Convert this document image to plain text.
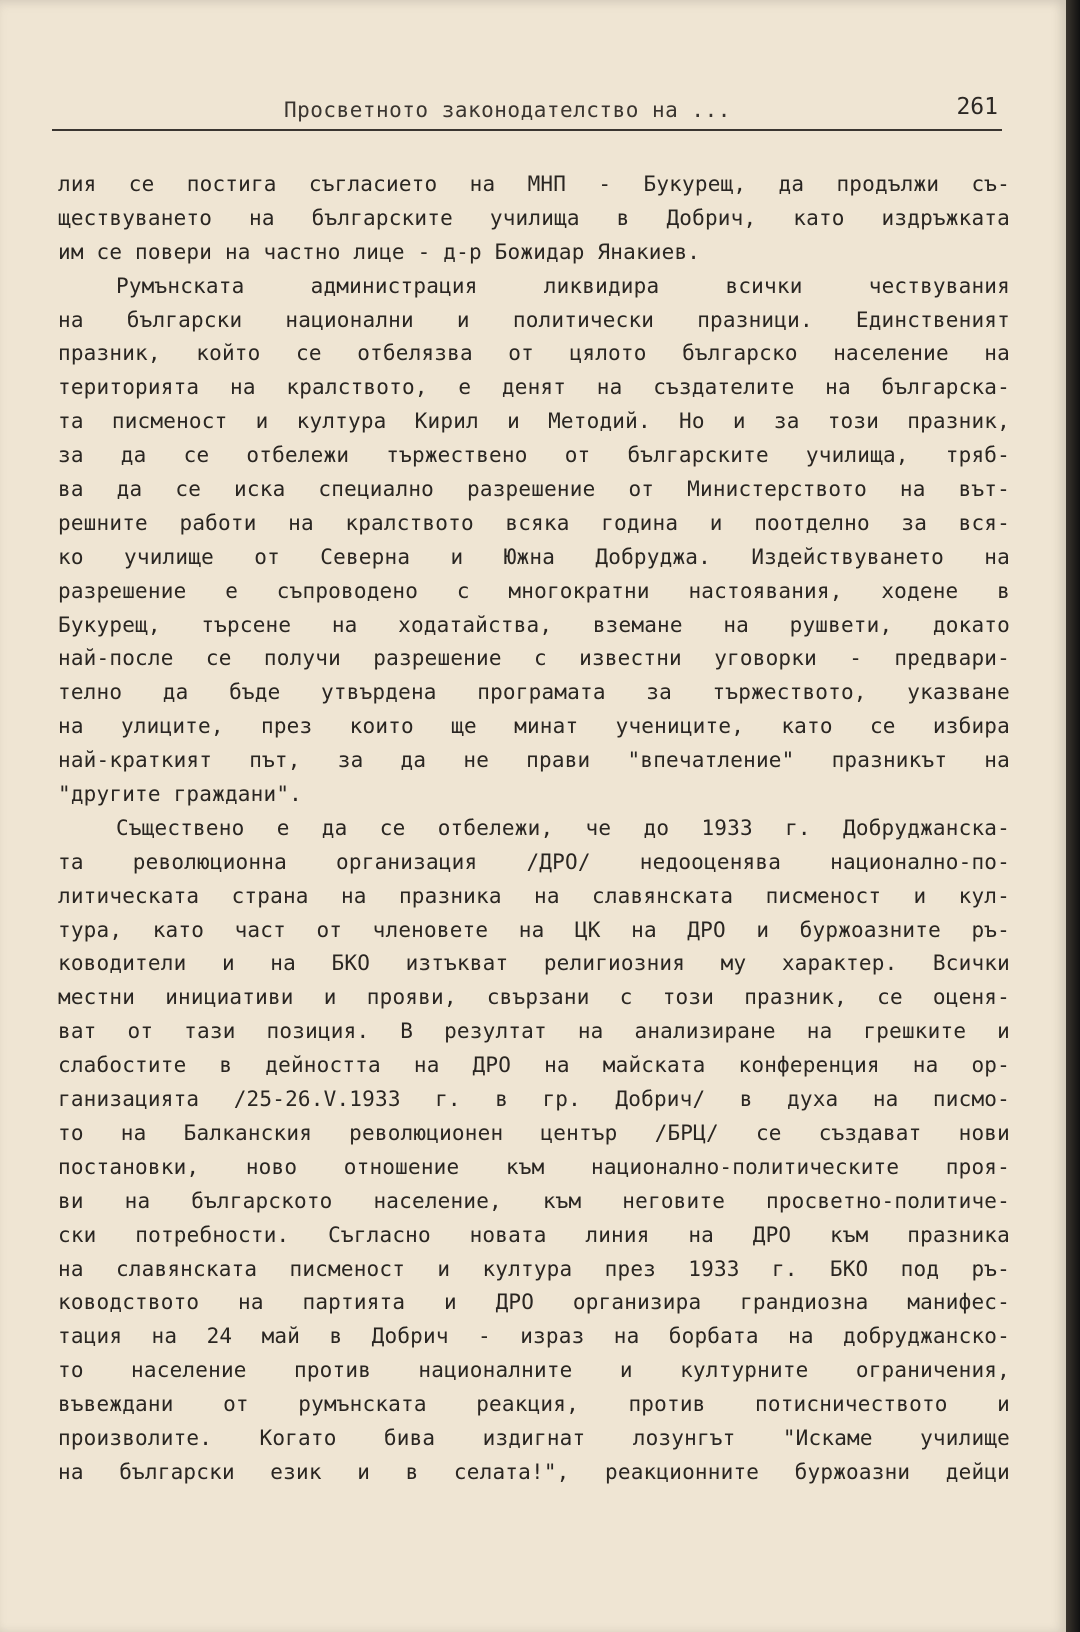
Просветното законодателство на ...	261
лия се постига съгласието на МНП - Букурещ, да продължи съ-
ществуването на българските училища в Добрич, като издръжката
им се повери на частно лице - д-р Божидар Янакиев.
Румънската администрация ликвидира всички чествувания
на български национални и политически празници. Единственият
празник, който се отбелязва от цялото българско население на
територията на кралството, е денят на създателите на българска-
та писменост и култура Кирил и Методий. Но и за този празник,
за да се отбележи тържествено от българските училища, тряб-
ва да се иска специално разрешение от Министерството на вът-
решните работи на кралството всяка година и поотделно за вся-
ко училище от Северна и Южна Добруджа. Издействуването на
разрешение е съпроводено с многократни настоявания, ходене в
Букурещ, търсене на ходатайства, вземане на рушвети, докато
най-после се получи разрешение с известни уговорки - предвари-
телно да бъде утвърдена програмата за тържеството, указване
на улиците, през които ще минат учениците, като се избира
най-краткият път, за да не прави "впечатление" празникът на
"другите граждани".
Съществено е да се отбележи, че до 1933 г. Добруджанска-
та революционна организация /ДРО/ недооценява национално-по-
литическата страна на празника на славянската писменост и кул-
тура, като част от членовете на ЦК на ДРО и буржоазните ръ-
ководители и на БКО изтъкват религиозния му характер. Всички
местни инициативи и прояви, свързани с този празник, се оценя-
ват от тази позиция. В резултат на анализиране на грешките и
слабостите в дейността на ДРО на майската конференция на ор-
ганизацията /25-26.V.1933 г. в гр. Добрич/ в духа на писмо-
то на Балканския революционен център /БРЦ/ се създават нови
постановки, ново отношение към национално-политическите проя-
ви на българското население, към неговите просветно-политиче-
ски потребности. Съгласно новата линия на ДРО към празника
на славянската писменост и култура през 1933 г. БКО под ръ-
ководството на партията и ДРО организира грандиозна манифес-
тация на 24 май в Добрич - израз на борбата на добруджанско-
то население против националните и културните ограничения,
въвеждани от румънската реакция, против потисничеството и
произволите. Когато бива издигнат лозунгът "Искаме училище
на български език и в селата!", реакционните буржоазни дейци
